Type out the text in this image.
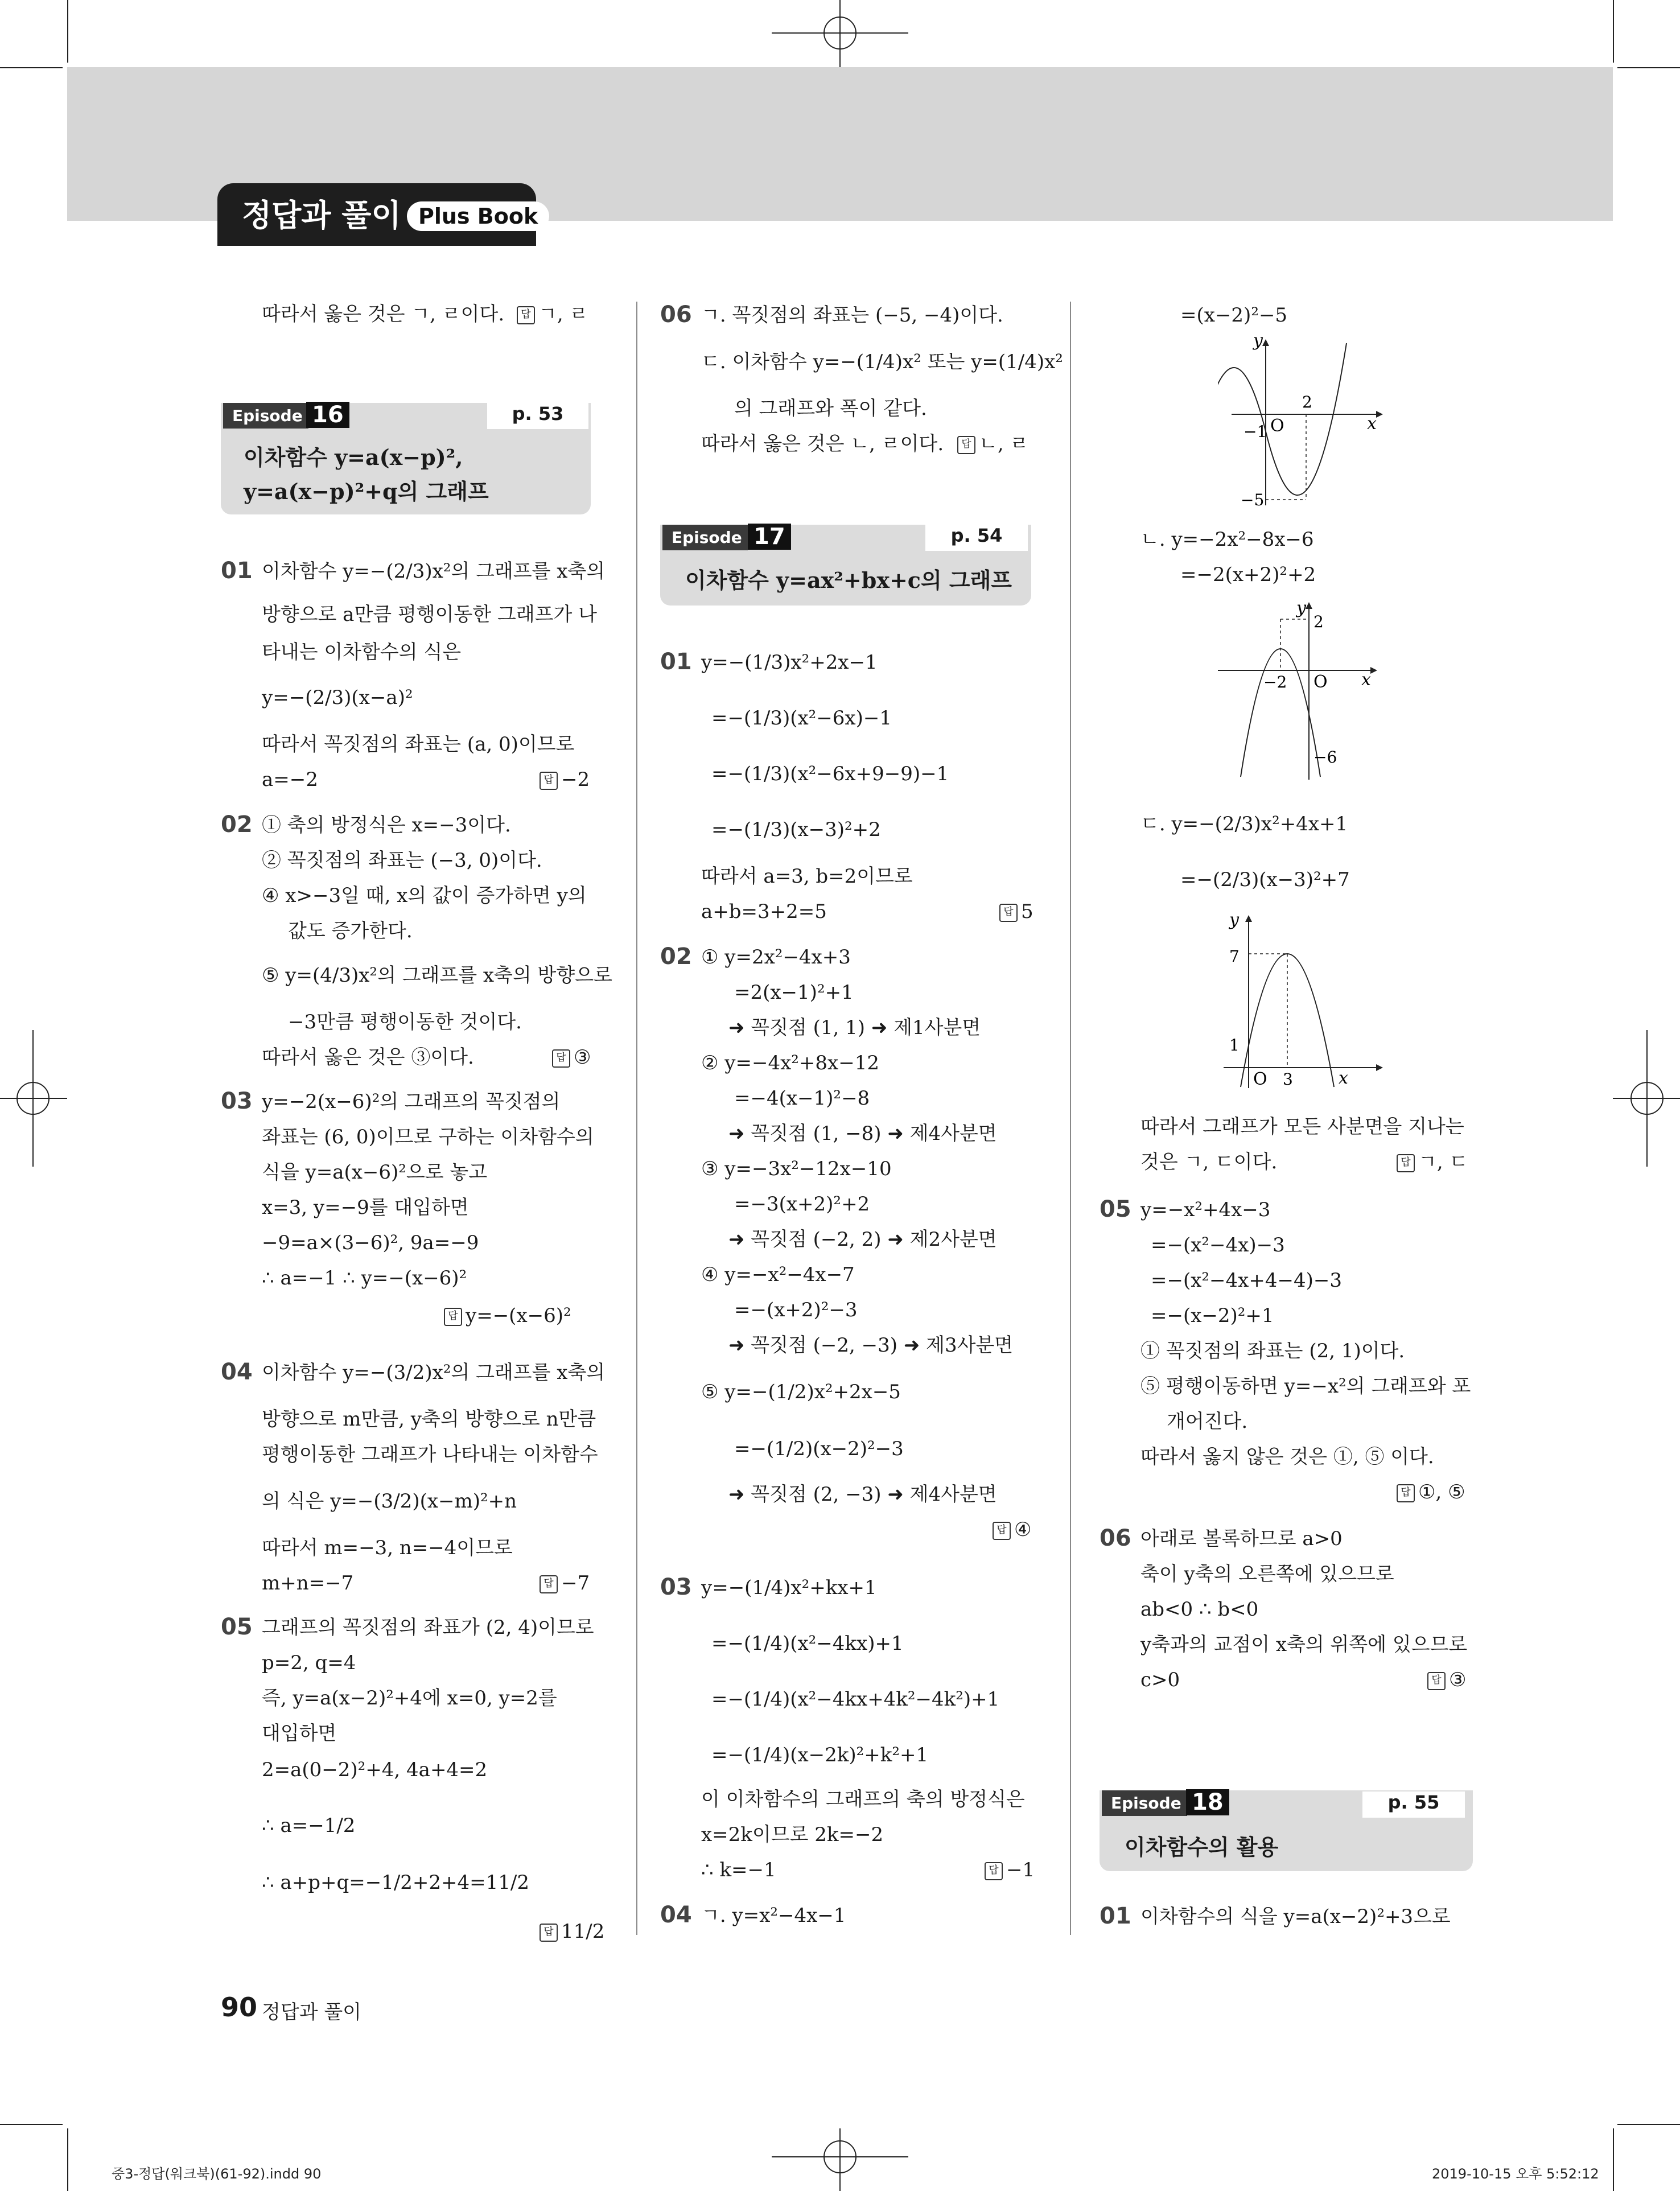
정답과 풀이 Plus Book
따라서 옳은 것은 ㄱ, ㄹ이다.	답 ㄱ, ㄹ
Episode 16	p. 53
이차함수 y=a(x−p)²,
y=a(x−p)²+q의 그래프
01 이차함수 y=−(2/3)x²의 그래프를 x축의
방향으로 a만큼 평행이동한 그래프가 나
타내는 이차함수의 식은
y=−(2/3)(x−a)²
따라서 꼭짓점의 좌표는 (a, 0)이므로
a=−2	답 −2
02 ① 축의 방정식은 x=−3이다.
② 꼭짓점의 좌표는 (−3, 0)이다.
④ x>−3일 때, x의 값이 증가하면 y의
값도 증가한다.
⑤ y=(4/3)x²의 그래프를 x축의 방향으로
−3만큼 평행이동한 것이다.
따라서 옳은 것은 ③이다.	답 ③
03 y=−2(x−6)²의 그래프의 꼭짓점의
좌표는 (6, 0)이므로 구하는 이차함수의
식을 y=a(x−6)²으로 놓고
x=3, y=−9를 대입하면
−9=a×(3−6)², 9a=−9
∴ a=−1 ∴ y=−(x−6)²
답 y=−(x−6)²
04 이차함수 y=−(3/2)x²의 그래프를 x축의
방향으로 m만큼, y축의 방향으로 n만큼
평행이동한 그래프가 나타내는 이차함수
의 식은 y=−(3/2)(x−m)²+n
따라서 m=−3, n=−4이므로
m+n=−7	답 −7
05 그래프의 꼭짓점의 좌표가 (2, 4)이므로
p=2, q=4
즉, y=a(x−2)²+4에 x=0, y=2를
대입하면
2=a(0−2)²+4, 4a+4=2
∴ a=−1/2
∴ a+p+q=−1/2+2+4=11/2
답 11/2
06 ㄱ. 꼭짓점의 좌표는 (−5, −4)이다.
ㄷ. 이차함수 y=−(1/4)x² 또는 y=(1/4)x²
의 그래프와 폭이 같다.
따라서 옳은 것은 ㄴ, ㄹ이다.	답 ㄴ, ㄹ
Episode 17	p. 54
이차함수 y=ax²+bx+c의 그래프
01 y=−(1/3)x²+2x−1
=−(1/3)(x²−6x)−1
=−(1/3)(x²−6x+9−9)−1
=−(1/3)(x−3)²+2
따라서 a=3, b=2이므로
a+b=3+2=5	답 5
02 ① y=2x²−4x+3
=2(x−1)²+1
➜ 꼭짓점 (1, 1) ➜ 제1사분면
② y=−4x²+8x−12
=−4(x−1)²−8
➜ 꼭짓점 (1, −8) ➜ 제4사분면
③ y=−3x²−12x−10
=−3(x+2)²+2
➜ 꼭짓점 (−2, 2) ➜ 제2사분면
④ y=−x²−4x−7
=−(x+2)²−3
➜ 꼭짓점 (−2, −3) ➜ 제3사분면
⑤ y=−(1/2)x²+2x−5
=−(1/2)(x−2)²−3
➜ 꼭짓점 (2, −3) ➜ 제4사분면
답 ④
03 y=−(1/4)x²+kx+1
=−(1/4)(x²−4kx)+1
=−(1/4)(x²−4kx+4k²−4k²)+1
=−(1/4)(x−2k)²+k²+1
이 이차함수의 그래프의 축의 방정식은
x=2k이므로 2k=−2
∴ k=−1	답 −1
04 ㄱ. y=x²−4x−1
=(x−2)²−5
y
x
O
2
−1
−5
ㄴ. y=−2x²−8x−6
=−2(x+2)²+2
y
x
O
2
−2
−6
ㄷ. y=−(2/3)x²+4x+1
=−(2/3)(x−3)²+7
y
x
O
7
1
3
따라서 그래프가 모든 사분면을 지나는
것은 ㄱ, ㄷ이다.	답 ㄱ, ㄷ
05 y=−x²+4x−3
=−(x²−4x)−3
=−(x²−4x+4−4)−3
=−(x−2)²+1
① 꼭짓점의 좌표는 (2, 1)이다.
⑤ 평행이동하면 y=−x²의 그래프와 포
개어진다.
따라서 옳지 않은 것은 ①, ⑤ 이다.
답 ①, ⑤
06 아래로 볼록하므로 a>0
축이 y축의 오른쪽에 있으므로
ab<0 ∴ b<0
y축과의 교점이 x축의 위쪽에 있으므로
c>0	답 ③
Episode 18	p. 55
이차함수의 활용
01 이차함수의 식을 y=a(x−2)²+3으로
90 정답과 풀이
중3-정답(워크북)(61-92).indd 90	2019-10-15 오후 5:52:12
